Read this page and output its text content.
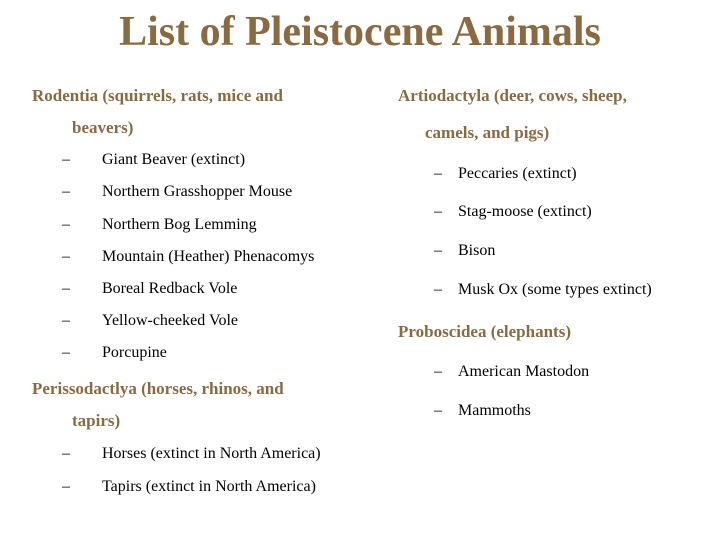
List of Pleistocene Animals
Rodentia (squirrels, rats, mice and
beavers)
– Giant Beaver (extinct)
– Northern Grasshopper Mouse
– Northern Bog Lemming
– Mountain (Heather) Phenacomys
– Boreal Redback Vole
– Yellow-cheeked Vole
– Porcupine
Perissodactlya (horses, rhinos, and
tapirs)
– Horses (extinct in North America)
– Tapirs (extinct in North America)
Artiodactyla (deer, cows, sheep,
camels, and pigs)
– Peccaries (extinct)
– Stag-moose (extinct)
– Bison
– Musk Ox (some types extinct)
Proboscidea (elephants)
– American Mastodon
– Mammoths
